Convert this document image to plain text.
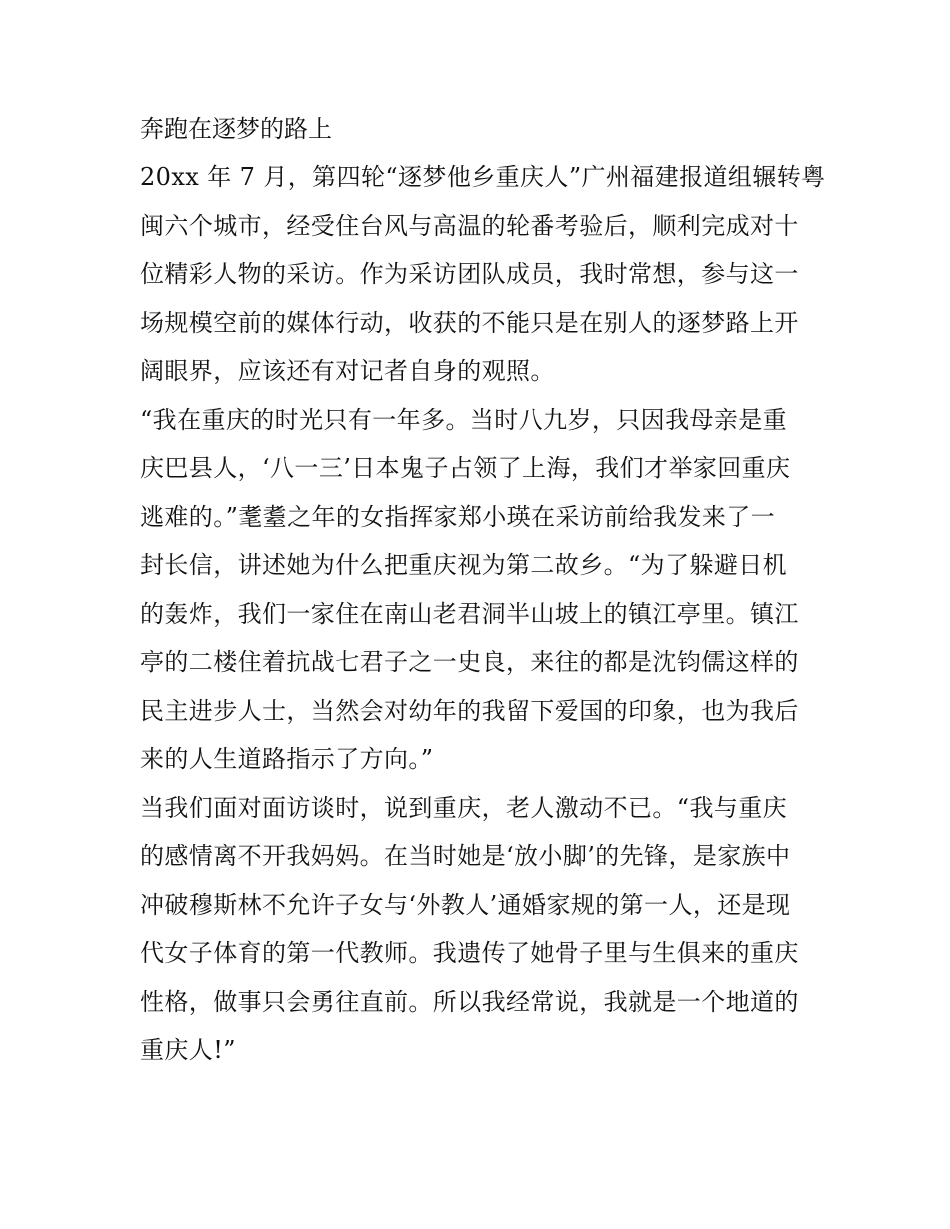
奔跑在逐梦的路上
20xx 年 7 月，第四轮“逐梦他乡重庆人”广州福建报道组辗转粤
闽六个城市，经受住台风与高温的轮番考验后，顺利完成对十
位精彩人物的采访。作为采访团队成员，我时常想，参与这一
场规模空前的媒体行动，收获的不能只是在别人的逐梦路上开
阔眼界，应该还有对记者自身的观照。
“我在重庆的时光只有一年多。当时八九岁，只因我母亲是重
庆巴县人，‘八一三’日本鬼子占领了上海，我们才举家回重庆
逃难的。”耄耋之年的女指挥家郑小瑛在采访前给我发来了一
封长信，讲述她为什么把重庆视为第二故乡。“为了躲避日机
的轰炸，我们一家住在南山老君洞半山坡上的镇江亭里。镇江
亭的二楼住着抗战七君子之一史良，来往的都是沈钧儒这样的
民主进步人士，当然会对幼年的我留下爱国的印象，也为我后
来的人生道路指示了方向。”
当我们面对面访谈时，说到重庆，老人激动不已。“我与重庆
的感情离不开我妈妈。在当时她是‘放小脚’的先锋，是家族中
冲破穆斯林不允许子女与‘外教人’通婚家规的第一人，还是现
代女子体育的第一代教师。我遗传了她骨子里与生俱来的重庆
性格，做事只会勇往直前。所以我经常说，我就是一个地道的
重庆人!”
